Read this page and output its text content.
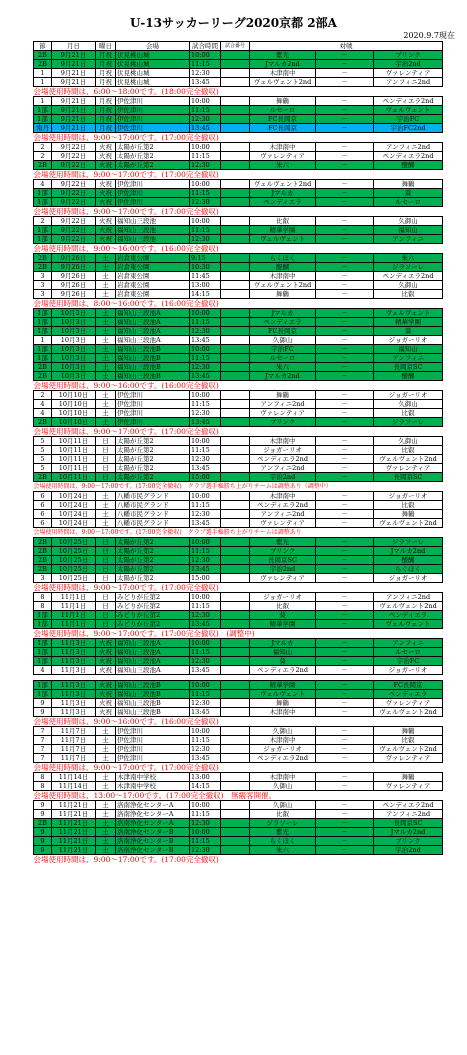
U-13サッカーリーグ2020京都 2部A
2020.9.7現在
節	月日	曜日	会場	試合時間	試合番号	対戦		
2B	9月21日	月祝	伏見桃山城	10:00		紫光	－	ブリンク
2B	9月21日	月祝	伏見桃山城	11:15		Jマルカ2nd	－	宇治2nd
1	9月21日	月祝	伏見桃山城	12:30		木津南中	－	ヴァレンティア
1	9月21日	月祝	伏見桃山城	13:45		ヴェルヴェント2nd	－	アンフィニ2nd
会場使用時間は、6:00～18:00です。(18:00完全撤収)								
1	9月21日	月祝	伊佐津川	10:00		舞鶴	－	ペンディエラ2nd
1部	9月21日	月祝	伊佐津川	11:15		ルセーロ	－	ヴェルヴェント
1部	9月21日	月祝	伊佐津川	12:30		FC長岡京	－	宇治FC
南丹	9月21日	月祝	伊佐津川	13:45		FC長岡京	－	宇治FC2nd
会場使用時間は、9:00～17:00です。(17:00完全撤収)								
2	9月22日	火祝	太陽が丘第2	10:00		木津南中	－	アンフィニ2nd
2	9月22日	火祝	太陽が丘第2	11:15		ヴァレンティア	－	ペンディエラ2nd
2B	9月22日	火祝	太陽が丘第2	12:30		朱六	－	醍醐
会場使用時間は、9:00～17:00です。(17:00完全撤収)								
4	9月22日	火祝	伊佐津川	10:00		ヴェルヴェント2nd	－	舞鶴
1部	9月22日	火祝	伊佐津川	11:15		Jマルカ	－	葵
1部	9月22日	火祝	伊佐津川	12:30		ペンディエラ	－	ルセーロ
会場使用時間は、9:00～17:00です。(17:00完全撤収)								
2	9月22日	火祝	福知山三段池	10:00		比叡	－	久御山
1部	9月22日	火祝	福知山三段池	11:15		精華学園	－	福知山
1部	9月22日	火祝	福知山三段池	12:30		ヴェルヴェント	－	アンフィニ
会場使用時間は、9:00～16:00です。(16:00完全撤収)								
2B	9月26日	土	岩倉東公園	9:15		らくほく	－	朱六
2B	9月26日	土	岩倉東公園	10:30		醍醐	－	ジラソーレ
3	9月26日	土	岩倉東公園	11:45		木津南中	－	ペンディエラ2nd
3	9月26日	土	岩倉東公園	13:00		ヴェルヴェント2nd	－	久御山
3	9月26日	土	岩倉東公園	14:15		舞鶴	－	比叡
会場使用時間は、8:00～16:00です。(16:00完全撤収)								
1部	10月3日	土	福知山三段池A	10:00		Jマルカ	－	ヴェルヴェント
1部	10月3日	土	福知山三段池A	11:15		ペンディエラ	－	精華学園
1部	10月3日	土	福知山三段池A	12:30		FC長岡京	－	葵
1	10月3日	土	福知山三段池A	13:45		久御山	－	ジョガーリオ
1部	10月3日	土	福知山三段池B	10:00		宇治FC	－	福知山
1部	10月3日	土	福知山三段池B	11:15		ルセーロ	－	アンフィニ
2B	10月3日	土	福知山三段池B	12:30		朱六	－	長岡京SC
2B	10月3日	土	福知山三段池B	13:45		Jマルカ2nd	－	醍醐
会場使用時間は、9:00～16:00です。(16:00完全撤収)								
2	10月10日	土	伊佐津川	10:00		舞鶴	－	ジョガーリオ
4	10月10日	土	伊佐津川	11:15		アンフィニ2nd	－	久御山
4	10月10日	土	伊佐津川	12:30		ヴァレンティア	－	比叡
2B	10月10日	土	伊佐津川	13:45		ブリンク	－	ジラソーレ
会場使用時間は、9:00～17:00です。(17:00完全撤収)								
5	10月11日	日	太陽が丘第2	10:00		木津南中	－	久御山
5	10月11日	日	太陽が丘第2	11:15		ジョガーリオ	－	比叡
5	10月11日	日	太陽が丘第2	12:30		ペンディエラ2nd	－	ヴェルヴェント2nd
5	10月11日	日	太陽が丘第2	13:45		アンフィニ2nd	－	ヴァレンティア
2B	10月11日	日	太陽が丘第2	15:00		宇治2nd	－	長岡京SC
会場使用時間は、9:00～17:00です。(17:00完全撤収)　クラブ選手権勝ち上がりチームは調整あり（調整中）								
6	10月24日	土	八幡市民グランド	10:00		木津南中	－	ジョガーリオ
6	10月24日	土	八幡市民グランド	11:15		ペンディエラ2nd	－	比叡
6	10月24日	土	八幡市民グランド	12:30		アンフィニ2nd	－	舞鶴
6	10月24日	土	八幡市民グランド	13:45		ヴァレンティア	－	ヴェルヴェント2nd
会場使用時間は、9:00～17:00です。(17:00完全撤収)　クラブ選手権勝ち上がりチームは調整あり								
2B	10月25日	日	太陽が丘第2	10:00		紫光	－	ジラソーレ
2B	10月25日	日	太陽が丘第2	11:15		ブリンク	－	Jマルカ2nd
2B	10月25日	日	太陽が丘第2	12:30		長岡京SC	－	醍醐
2B	10月25日	日	太陽が丘第2	13:45		宇治2nd	－	らくほく
3	10月25日	日	太陽が丘第2	15:00		ヴァレンティア	－	ジョガーリオ
会場使用時間は、9:00～17:00です。(17:00完全撤収)								
8	11月1日	日	みどりが丘第2	10:00		ジョガーリオ	－	アンフィニ2nd
8	11月1日	日	みどりが丘第2	11:15		比叡	－	ヴェルヴェント2nd
1部	11月1日	日	みどりが丘第2	12:30		葵	－	ペンディエラ
1部	11月1日	日	みどりが丘第2	13:45		精華学園	－	ヴェルヴェント
会場使用時間は、9:00～17:00です。(17:00完全撤収)　(調整中)								
1部	11月3日	火祝	福知山三段池A	10:00		Jマルカ	－	アンフィニ
1部	11月3日	火祝	福知山三段池A	11:15		福知山	－	ルセーロ
1部	11月3日	火祝	福知山三段池A	12:30		葵	－	宇治FC
4	11月3日	火祝	福知山三段池A	13:45		ペンディエラ2nd	－	ジョガーリオ

1部	11月3日	火祝	福知山三段池B	10:00		精華学園	－	FC長岡京
1部	11月3日	火祝	福知山三段池B	11:15		ヴェルヴェント	－	ペンディエラ
9	11月3日	火祝	福知山三段池B	12:30		舞鶴	－	ヴァレンティア
9	11月3日	火祝	福知山三段池B	13:45		木津南中	－	ヴェルヴェント2nd
会場使用時間は、9:00～16:00です。(16:00完全撤収)								
7	11月7日	土	伊佐津川	10:00		久御山	－	舞鶴
7	11月7日	土	伊佐津川	11:15		木津南中	－	比叡
7	11月7日	土	伊佐津川	12:30		ジョガーリオ	－	ヴェルヴェント2nd
7	11月7日	土	伊佐津川	13:45		ペンディエラ2nd	－	ヴァレンティア
会場使用時間は、9:00～17:00です。(17:00完全撤収)								
8	11月14日	土	木津南中学校	13:00		木津南中	－	舞鶴
8	11月14日	土	木津南中学校	14:15		久御山	－	ヴァレンティア
会場使用時間は、13:00～17:00です。(17:00完全撤収)　無観客開催。								
9	11月21日	土	洛南浄化センターA	10:00		久御山	－	ペンディエラ2nd
9	11月21日	土	洛南浄化センターA	11:15		比叡	－	アンフィニ2nd
2B	11月21日	土	洛南浄化センターA	12:30		ジラソーレ	－	長岡京SC
9	11月21日	土	洛南浄化センターB	10:00		紫光	－	Jマルカ2nd
9	11月21日	土	洛南浄化センターB	11:15		らくほく	－	ブリンク
9	11月21日	土	洛南浄化センターB	12:30		朱六	－	宇治2nd
会場使用時間は、9:00～17:00です。(17:00完全撤収)								
